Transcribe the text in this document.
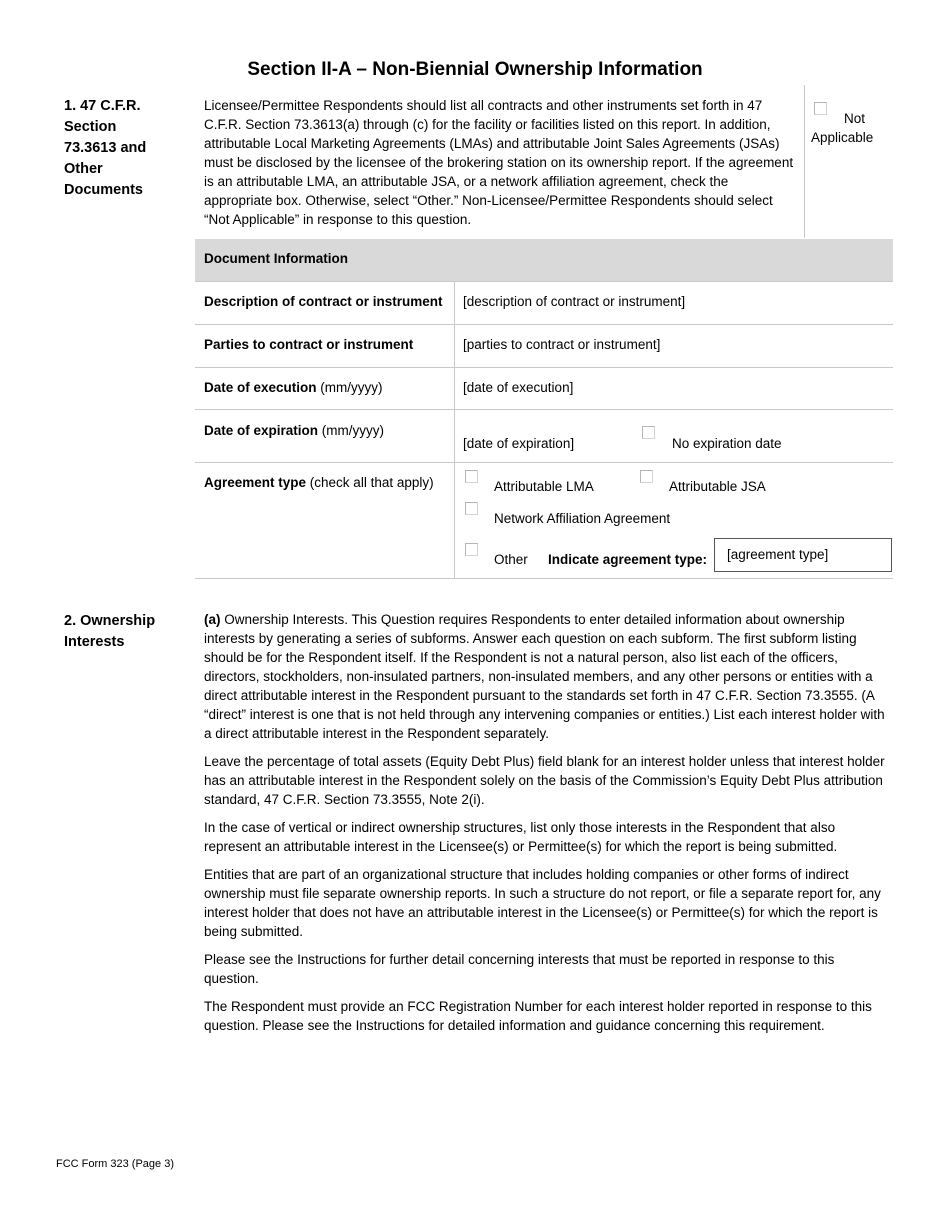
Section II-A – Non-Biennial Ownership Information
1. 47 C.F.R.
Section
73.3613 and
Other
Documents
Licensee/Permittee Respondents should list all contracts and other instruments set forth in 47 C.F.R. Section 73.3613(a) through (c) for the facility or facilities listed on this report. In addition, attributable Local Marketing Agreements (LMAs) and attributable Joint Sales Agreements (JSAs) must be disclosed by the licensee of the brokering station on its ownership report. If the agreement is an attributable LMA, an attributable JSA, or a network affiliation agreement, check the appropriate box. Otherwise, select “Other.” Non-Licensee/Permittee Respondents should select “Not Applicable” in response to this question.
Not
Applicable
Document Information
Description of contract or instrument [description of contract or instrument]
Parties to contract or instrument	[parties to contract or instrument]
Date of execution (mm/yyyy)	[date of execution]
Date of expiration (mm/yyyy)
[date of expiration]	No expiration date
Agreement type (check all that apply)	Attributable LMA	Attributable JSA
Network Affiliation Agreement
Other Indicate agreement type: [agreement type]
2. Ownership
Interests

(a) Ownership Interests. This Question requires Respondents to enter detailed information about ownership interests by generating a series of subforms. Answer each question on each subform. The first subform listing should be for the Respondent itself. If the Respondent is not a natural person, also list each of the officers, directors, stockholders, non-insulated partners, non-insulated members, and any other persons or entities with a direct attributable interest in the Respondent pursuant to the standards set forth in 47 C.F.R. Section 73.3555. (A “direct” interest is one that is not held through any intervening companies or entities.) List each interest holder with a direct attributable interest in the Respondent separately.

Leave the percentage of total assets (Equity Debt Plus) field blank for an interest holder unless that interest holder has an attributable interest in the Respondent solely on the basis of the Commission’s Equity Debt Plus attribution standard, 47 C.F.R. Section 73.3555, Note 2(i).

In the case of vertical or indirect ownership structures, list only those interests in the Respondent that also represent an attributable interest in the Licensee(s) or Permittee(s) for which the report is being submitted.

Entities that are part of an organizational structure that includes holding companies or other forms of indirect ownership must file separate ownership reports. In such a structure do not report, or file a separate report for, any interest holder that does not have an attributable interest in the Licensee(s) or Permittee(s) for which the report is being submitted.

Please see the Instructions for further detail concerning interests that must be reported in response to this question.

The Respondent must provide an FCC Registration Number for each interest holder reported in response to this question. Please see the Instructions for detailed information and guidance concerning this requirement.

FCC Form 323 (Page 3)
